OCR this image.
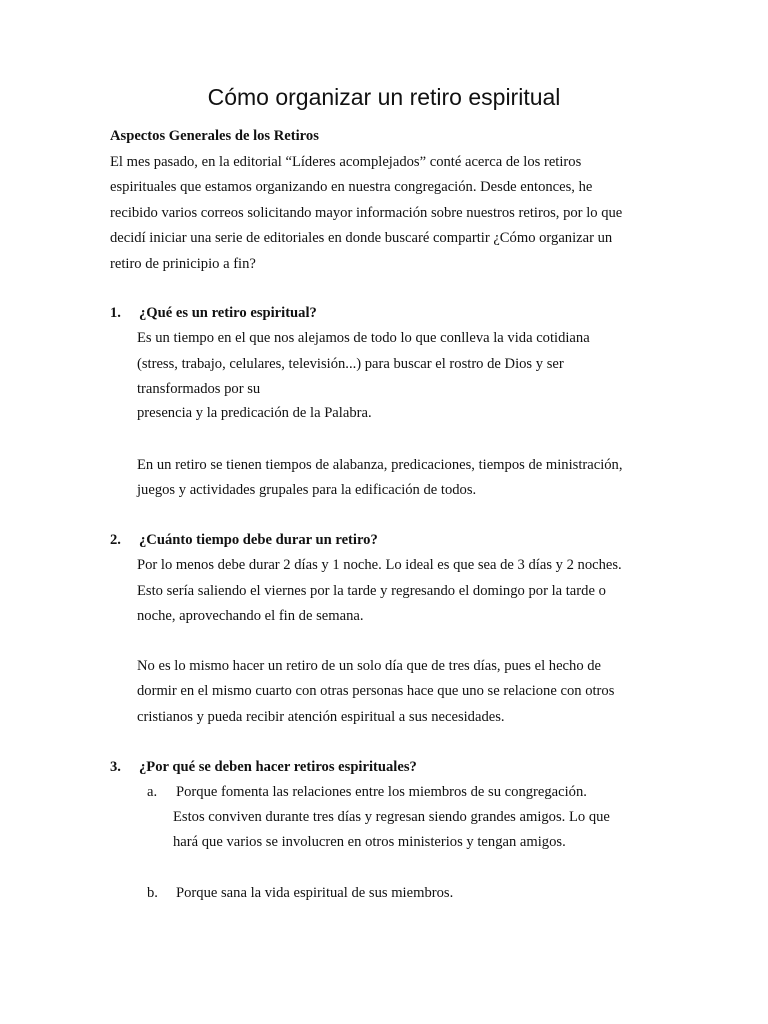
Cómo organizar un retiro espiritual
Aspectos Generales de los Retiros
El mes pasado, en la editorial “Líderes acomplejados” conté acerca de los retiros
espirituales que estamos organizando en nuestra congregación. Desde entonces, he
recibido varios correos solicitando mayor información sobre nuestros retiros, por lo que
decidí iniciar una serie de editoriales en donde buscaré compartir ¿Cómo organizar un
retiro de prinicipio a fin?
1. ¿Qué es un retiro espiritual?
Es un tiempo en el que nos alejamos de todo lo que conlleva la vida cotidiana
(stress, trabajo, celulares, televisión...) para buscar el rostro de Dios y ser
transformados por su
presencia y la predicación de la Palabra.
En un retiro se tienen tiempos de alabanza, predicaciones, tiempos de ministración,
juegos y actividades grupales para la edificación de todos.
2. ¿Cuánto tiempo debe durar un retiro?
Por lo menos debe durar 2 días y 1 noche. Lo ideal es que sea de 3 días y 2 noches.
Esto sería saliendo el viernes por la tarde y regresando el domingo por la tarde o
noche, aprovechando el fin de semana.
No es lo mismo hacer un retiro de un solo día que de tres días, pues el hecho de
dormir en el mismo cuarto con otras personas hace que uno se relacione con otros
cristianos y pueda recibir atención espiritual a sus necesidades.
3. ¿Por qué se deben hacer retiros espirituales?
a. Porque fomenta las relaciones entre los miembros de su congregación.
Estos conviven durante tres días y regresan siendo grandes amigos. Lo que
hará que varios se involucren en otros ministerios y tengan amigos.
b. Porque sana la vida espiritual de sus miembros.
